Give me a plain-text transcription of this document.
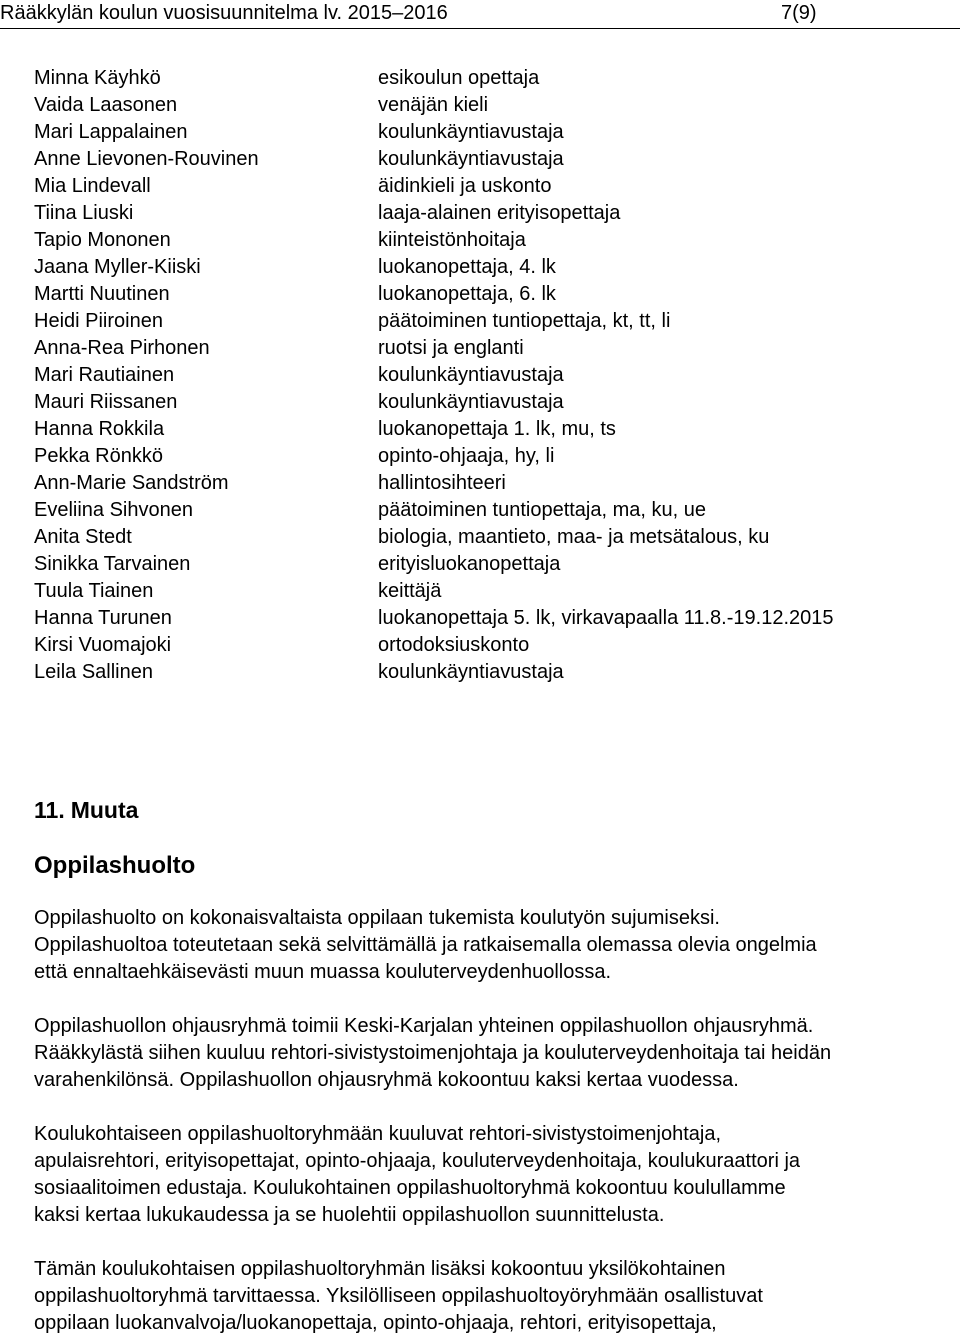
Rääkkylän koulun vuosisuunnitelma lv. 2015–2016	7(9)
Minna Käyhkö	esikoulun opettaja
Vaida Laasonen	venäjän kieli
Mari Lappalainen	koulunkäyntiavustaja
Anne Lievonen-Rouvinen	koulunkäyntiavustaja
Mia Lindevall	äidinkieli ja uskonto
Tiina Liuski	laaja-alainen erityisopettaja
Tapio Mononen	kiinteistönhoitaja
Jaana Myller-Kiiski	luokanopettaja, 4. lk
Martti Nuutinen	luokanopettaja, 6. lk
Heidi Piiroinen	päätoiminen tuntiopettaja, kt, tt, li
Anna-Rea Pirhonen	ruotsi ja englanti
Mari Rautiainen	koulunkäyntiavustaja
Mauri Riissanen	koulunkäyntiavustaja
Hanna Rokkila	luokanopettaja 1. lk, mu, ts
Pekka Rönkkö	opinto-ohjaaja, hy, li
Ann-Marie Sandström	hallintosihteeri
Eveliina Sihvonen	päätoiminen tuntiopettaja, ma, ku, ue
Anita Stedt	biologia, maantieto, maa- ja metsätalous, ku
Sinikka Tarvainen	erityisluokanopettaja
Tuula Tiainen	keittäjä
Hanna Turunen	luokanopettaja 5. lk, virkavapaalla 11.8.-19.12.2015
Kirsi Vuomajoki	ortodoksiuskonto
Leila Sallinen	koulunkäyntiavustaja
11. Muuta
Oppilashuolto
Oppilashuolto on kokonaisvaltaista oppilaan tukemista koulutyön sujumiseksi.
Oppilashuoltoa toteutetaan sekä selvittämällä ja ratkaisemalla olemassa olevia ongelmia
että ennaltaehkäisevästi muun muassa kouluterveydenhuollossa.
Oppilashuollon ohjausryhmä toimii Keski-Karjalan yhteinen oppilashuollon ohjausryhmä.
Rääkkylästä siihen kuuluu rehtori-sivistystoimenjohtaja ja kouluterveydenhoitaja tai heidän
varahenkilönsä. Oppilashuollon ohjausryhmä kokoontuu kaksi kertaa vuodessa.
Koulukohtaiseen oppilashuoltoryhmään kuuluvat rehtori-sivistystoimenjohtaja,
apulaisrehtori, erityisopettajat, opinto-ohjaaja, kouluterveydenhoitaja, koulukuraattori ja
sosiaalitoimen edustaja. Koulukohtainen oppilashuoltoryhmä kokoontuu koulullamme
kaksi kertaa lukukaudessa ja se huolehtii oppilashuollon suunnittelusta.
Tämän koulukohtaisen oppilashuoltoryhmän lisäksi kokoontuu yksilökohtainen
oppilashuoltoryhmä tarvittaessa. Yksilölliseen oppilashuoltoyöryhmään osallistuvat
oppilaan luokanvalvoja/luokanopettaja, opinto-ohjaaja, rehtori, erityisopettaja,
